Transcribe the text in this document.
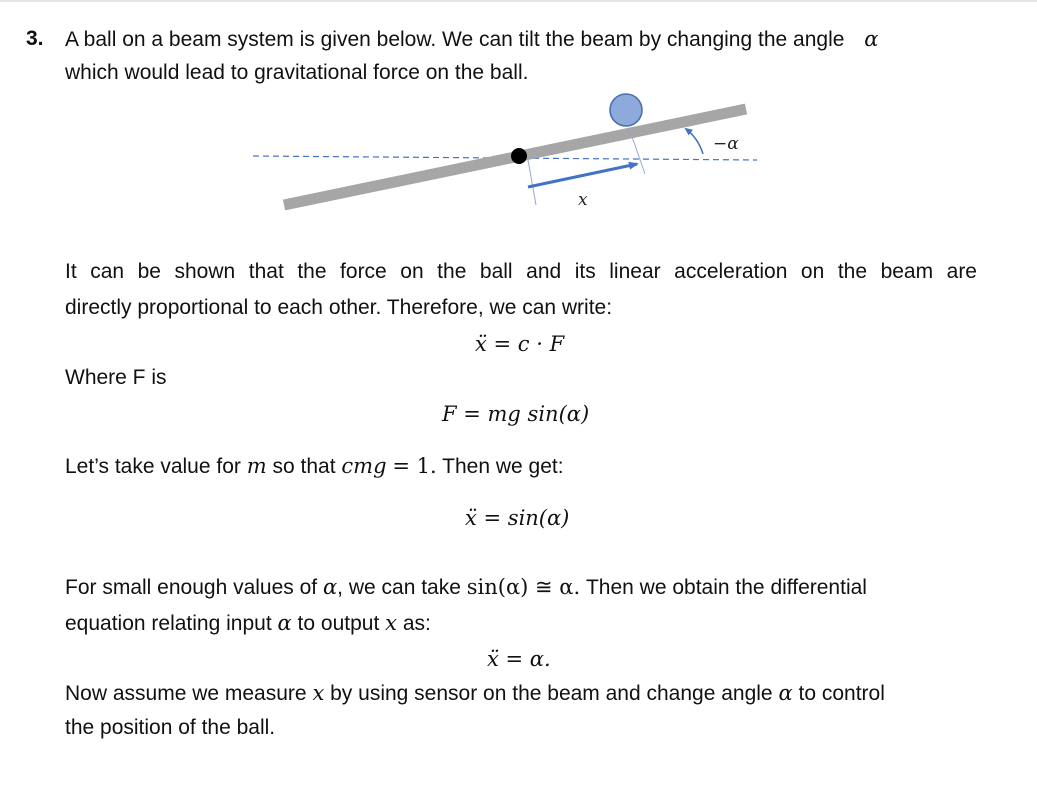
3. A ball on a beam system is given below. We can tilt the beam by changing the angle α
which would lead to gravitational force on the ball.
x
−α
It can be shown that the force on the ball and its linear acceleration on the beam are
directly proportional to each other. Therefore, we can write:
ẍ = c · F
Where F is
F = mg sin(α)
Let’s take value for m so that cmg = 1. Then we get:
ẍ = sin(α)
For small enough values of α, we can take sin(α) ≅ α. Then we obtain the differential
equation relating input α to output x as:
ẍ = α.
Now assume we measure x by using sensor on the beam and change angle α to control
the position of the ball.
